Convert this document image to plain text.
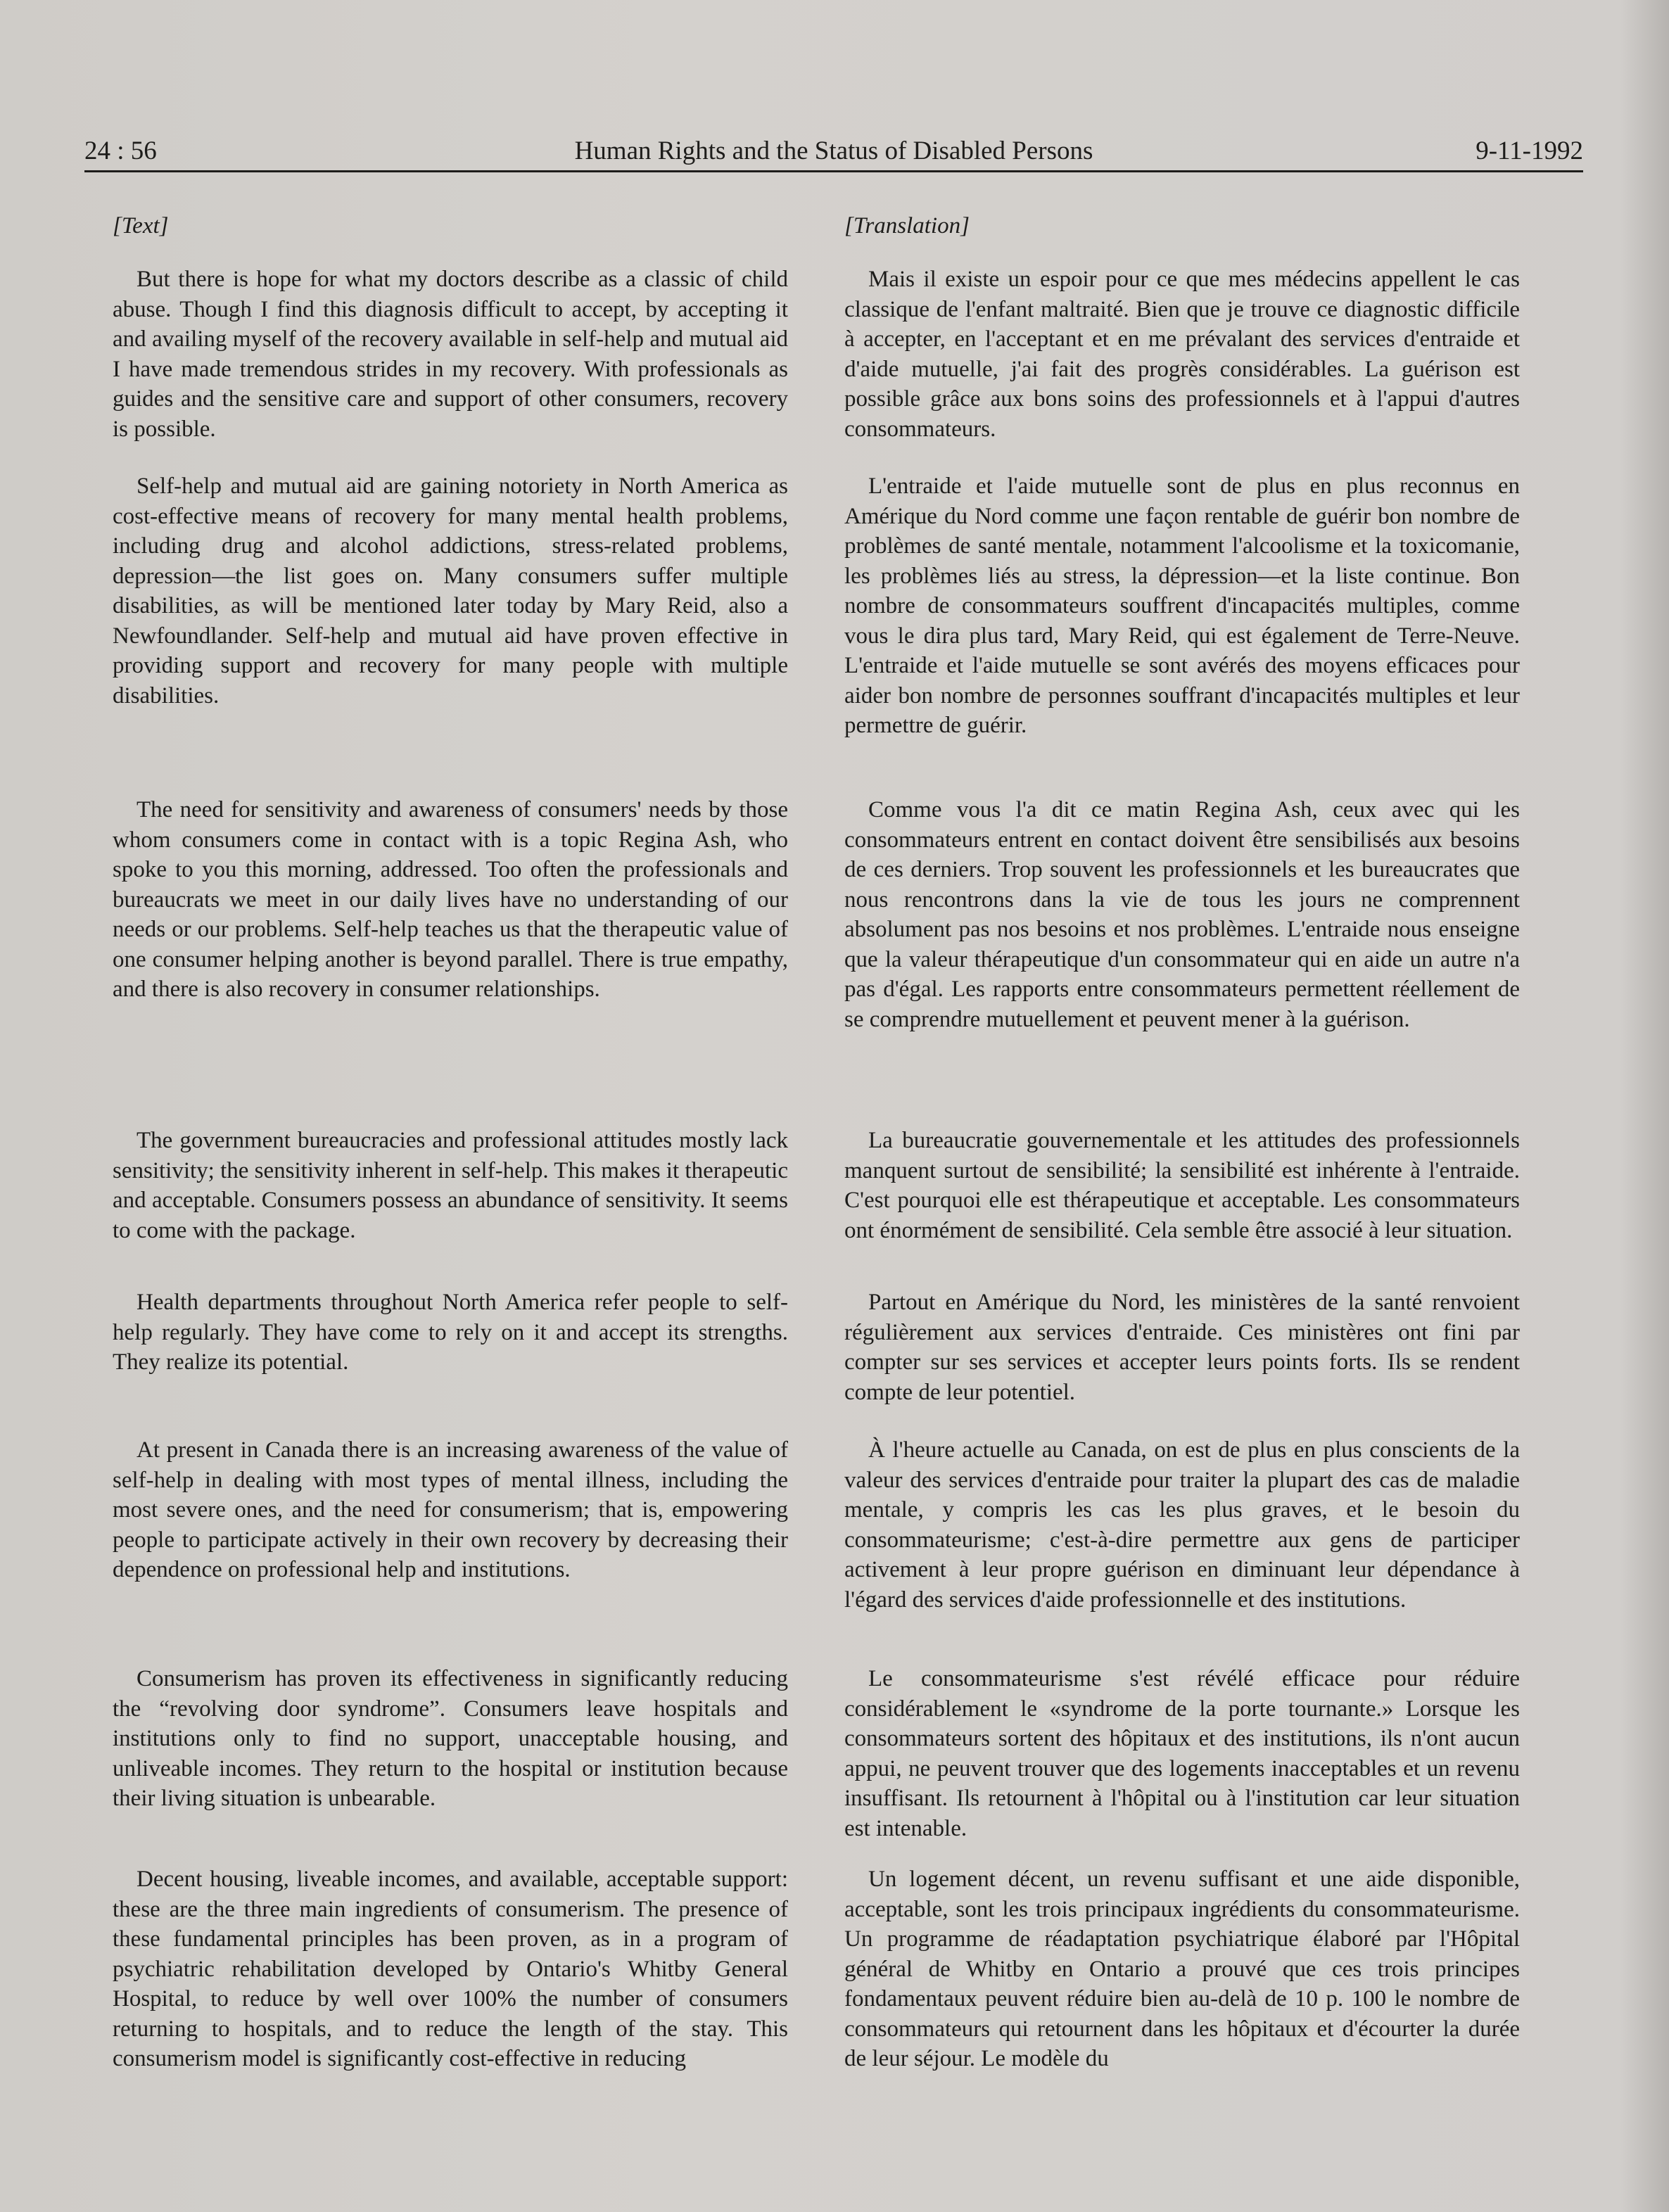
24 : 56	Human Rights and the Status of Disabled Persons	9-11-1992

[Text]

But there is hope for what my doctors describe as a classic of child abuse. Though I find this diagnosis difficult to accept, by accepting it and availing myself of the recovery available in self-help and mutual aid I have made tremendous strides in my recovery. With professionals as guides and the sensitive care and support of other consumers, recovery is possible.

Self-help and mutual aid are gaining notoriety in North America as cost-effective means of recovery for many mental health problems, including drug and alcohol addictions, stress-related problems, depression—the list goes on. Many consumers suffer multiple disabilities, as will be mentioned later today by Mary Reid, also a Newfoundlander. Self-help and mutual aid have proven effective in providing support and recovery for many people with multiple disabilities.

The need for sensitivity and awareness of consumers' needs by those whom consumers come in contact with is a topic Regina Ash, who spoke to you this morning, addressed. Too often the professionals and bureaucrats we meet in our daily lives have no understanding of our needs or our problems. Self-help teaches us that the therapeutic value of one consumer helping another is beyond parallel. There is true empathy, and there is also recovery in consumer relationships.

The government bureaucracies and professional attitudes mostly lack sensitivity; the sensitivity inherent in self-help. This makes it therapeutic and acceptable. Consumers possess an abundance of sensitivity. It seems to come with the package.

Health departments throughout North America refer people to self-help regularly. They have come to rely on it and accept its strengths. They realize its potential.

At present in Canada there is an increasing awareness of the value of self-help in dealing with most types of mental illness, including the most severe ones, and the need for consumerism; that is, empowering people to participate actively in their own recovery by decreasing their dependence on professional help and institutions.

Consumerism has proven its effectiveness in significantly reducing the “revolving door syndrome”. Consumers leave hospitals and institutions only to find no support, unacceptable housing, and unliveable incomes. They return to the hospital or institution because their living situation is unbearable.

Decent housing, liveable incomes, and available, acceptable support: these are the three main ingredients of consumerism. The presence of these fundamental principles has been proven, as in a program of psychiatric rehabilitation developed by Ontario's Whitby General Hospital, to reduce by well over 100% the number of consumers returning to hospitals, and to reduce the length of the stay. This consumerism model is significantly cost-effective in reducing

[Translation]

Mais il existe un espoir pour ce que mes médecins appellent le cas classique de l'enfant maltraité. Bien que je trouve ce diagnostic difficile à accepter, en l'acceptant et en me prévalant des services d'entraide et d'aide mutuelle, j'ai fait des progrès considérables. La guérison est possible grâce aux bons soins des professionnels et à l'appui d'autres consommateurs.

L'entraide et l'aide mutuelle sont de plus en plus reconnus en Amérique du Nord comme une façon rentable de guérir bon nombre de problèmes de santé mentale, notamment l'alcoolisme et la toxicomanie, les problèmes liés au stress, la dépression—et la liste continue. Bon nombre de consommateurs souffrent d'incapacités multiples, comme vous le dira plus tard, Mary Reid, qui est également de Terre-Neuve. L'entraide et l'aide mutuelle se sont avérés des moyens efficaces pour aider bon nombre de personnes souffrant d'incapacités multiples et leur permettre de guérir.

Comme vous l'a dit ce matin Regina Ash, ceux avec qui les consommateurs entrent en contact doivent être sensibilisés aux besoins de ces derniers. Trop souvent les professionnels et les bureaucrates que nous rencontrons dans la vie de tous les jours ne comprennent absolument pas nos besoins et nos problèmes. L'entraide nous enseigne que la valeur thérapeutique d'un consommateur qui en aide un autre n'a pas d'égal. Les rapports entre consommateurs permettent réellement de se comprendre mutuellement et peuvent mener à la guérison.

La bureaucratie gouvernementale et les attitudes des professionnels manquent surtout de sensibilité; la sensibilité est inhérente à l'entraide. C'est pourquoi elle est thérapeutique et acceptable. Les consommateurs ont énormément de sensibilité. Cela semble être associé à leur situation.

Partout en Amérique du Nord, les ministères de la santé renvoient régulièrement aux services d'entraide. Ces ministères ont fini par compter sur ses services et accepter leurs points forts. Ils se rendent compte de leur potentiel.

À l'heure actuelle au Canada, on est de plus en plus conscients de la valeur des services d'entraide pour traiter la plupart des cas de maladie mentale, y compris les cas les plus graves, et le besoin du consommateurisme; c'est-à-dire permettre aux gens de participer activement à leur propre guérison en diminuant leur dépendance à l'égard des services d'aide professionnelle et des institutions.

Le consommateurisme s'est révélé efficace pour réduire considérablement le «syndrome de la porte tournante.» Lorsque les consommateurs sortent des hôpitaux et des institutions, ils n'ont aucun appui, ne peuvent trouver que des logements inacceptables et un revenu insuffisant. Ils retournent à l'hôpital ou à l'institution car leur situation est intenable.

Un logement décent, un revenu suffisant et une aide disponible, acceptable, sont les trois principaux ingrédients du consommateurisme. Un programme de réadaptation psychiatrique élaboré par l'Hôpital général de Whitby en Ontario a prouvé que ces trois principes fondamentaux peuvent réduire bien au-delà de 10 p. 100 le nombre de consommateurs qui retournent dans les hôpitaux et d'écourter la durée de leur séjour. Le modèle du
